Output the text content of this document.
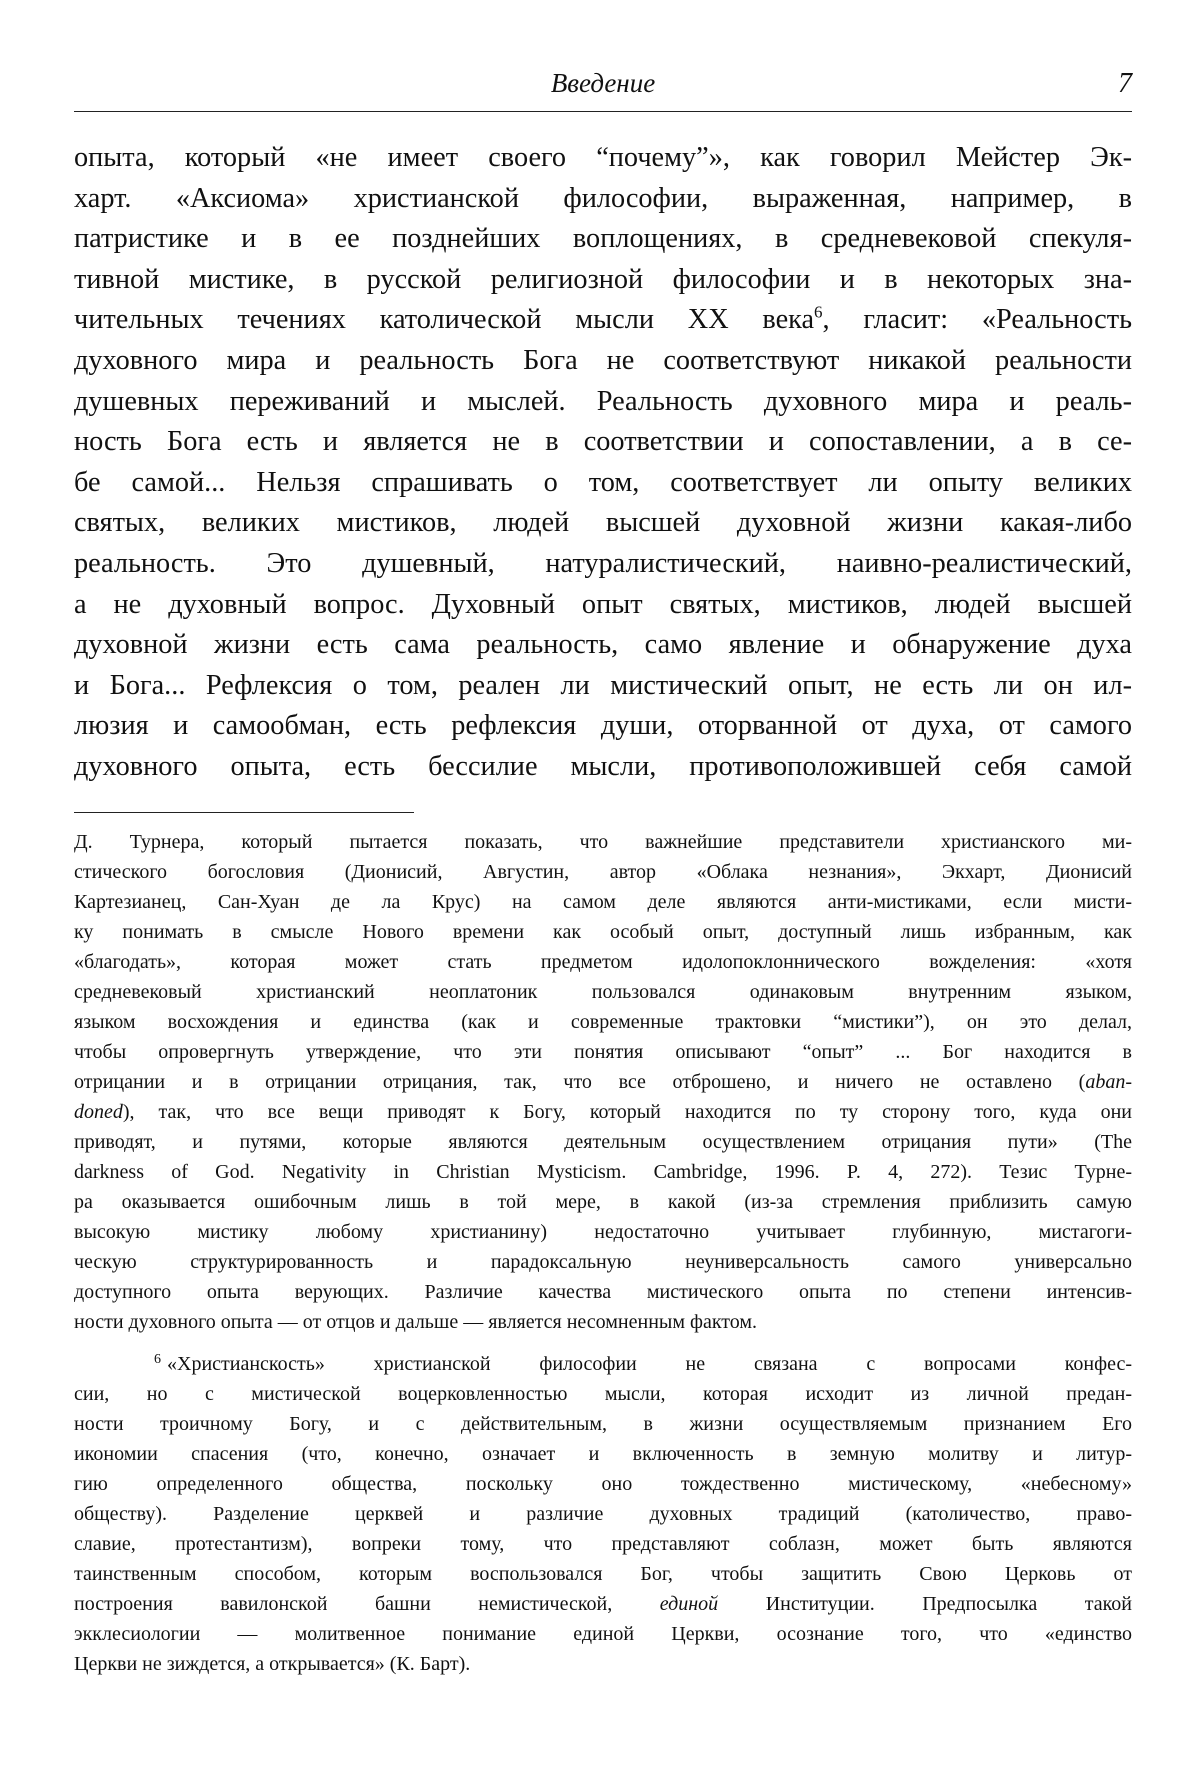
Введение	7
опыта, который «не имеет своего “почему”», как говорил Мейстер Эк-
харт. «Аксиома» христианской философии, выраженная, например, в
патристике и в ее позднейших воплощениях, в средневековой спекуля-
тивной мистике, в русской религиозной философии и в некоторых зна-
чительных течениях католической мысли XX века$^6$, гласит: «Реальность
духовного мира и реальность Бога не соответствуют никакой реальности
душевных переживаний и мыслей. Реальность духовного мира и реаль-
ность Бога есть и является не в соответствии и сопоставлении, а в се-
бе самой... Нельзя спрашивать о том, соответствует ли опыту великих
святых, великих мистиков, людей высшей духовной жизни какая-либо
реальность. Это душевный, натуралистический, наивно-реалистический,
а не духовный вопрос. Духовный опыт святых, мистиков, людей высшей
духовной жизни есть сама реальность, само явление и обнаружение духа
и Бога... Рефлексия о том, реален ли мистический опыт, не есть ли он ил-
люзия и самообман, есть рефлексия души, оторванной от духа, от самого
духовного опыта, есть бессилие мысли, противоположившей себя самой
Д. Турнера, который пытается показать, что важнейшие представители христианского ми-
стического богословия (Дионисий, Августин, автор «Облака незнания», Экхарт, Дионисий
Картезианец, Сан-Хуан де ла Крус) на самом деле являются анти-мистиками, если мисти-
ку понимать в смысле Нового времени как особый опыт, доступный лишь избранным, как
«благодать», которая может стать предметом идолопоклоннического вожделения: «хотя
средневековый христианский неоплатоник пользовался одинаковым внутренним языком,
языком восхождения и единства (как и современные трактовки “мистики”), он это делал,
чтобы опровергнуть утверждение, что эти понятия описывают “опыт” ... Бог находится в
отрицании и в отрицании отрицания, так, что все отброшено, и ничего не оставлено (aban-
doned), так, что все вещи приводят к Богу, который находится по ту сторону того, куда они
приводят, и путями, которые являются деятельным осуществлением отрицания пути» (The
darkness of God. Negativity in Christian Mysticism. Cambridge, 1996. P. 4, 272). Тезис Турне-
ра оказывается ошибочным лишь в той мере, в какой (из-за стремления приблизить самую
высокую мистику любому христианину) недостаточно учитывает глубинную, мистагоги-
ческую структурированность и парадоксальную неуниверсальность самого универсально
доступного опыта верующих. Различие качества мистического опыта по степени интенсив-
ности духовного опыта — от отцов и дальше — является несомненным фактом.
$^6$ «Христианскость» христианской философии не связана с вопросами конфес-
сии, но с мистической воцерковленностью мысли, которая исходит из личной предан-
ности троичному Богу, и с действительным, в жизни осуществляемым признанием Его
икономии спасения (что, конечно, означает и включенность в земную молитву и литур-
гию определенного общества, поскольку оно тождественно мистическому, «небесному»
обществу). Разделение церквей и различие духовных традиций (католичество, право-
славие, протестантизм), вопреки тому, что представляют соблазн, может быть являются
таинственным способом, которым воспользовался Бог, чтобы защитить Свою Церковь от
построения вавилонской башни немистической, единой Институции. Предпосылка такой
экклесиологии — молитвенное понимание единой Церкви, осознание того, что «единство
Церкви не зиждется, а открывается» (К. Барт).
